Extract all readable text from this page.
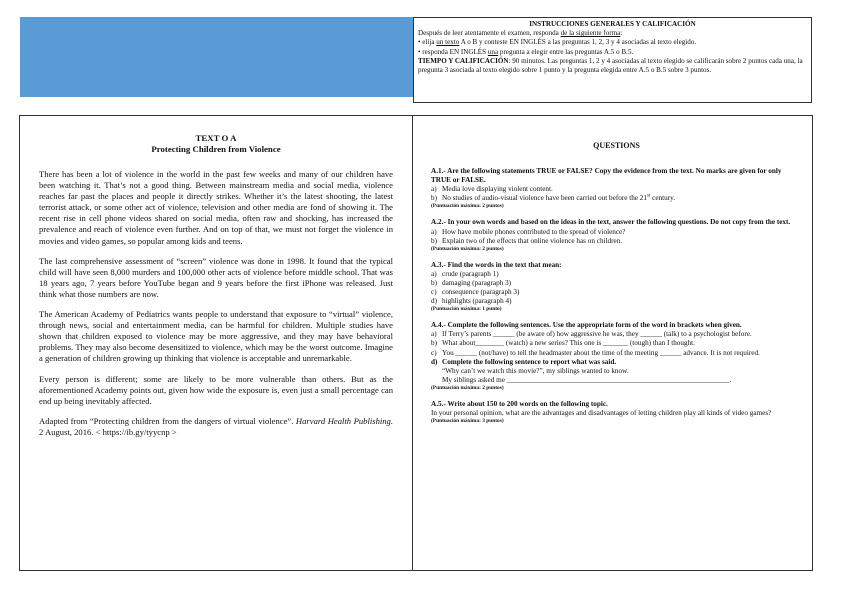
INSTRUCCIONES GENERALES Y CALIFICACIÓN
Después de leer atentamente el examen, responda de la siguiente forma:
• elija un texto A o B y conteste EN INGLÉS a las preguntas 1, 2, 3 y 4 asociadas al texto elegido.
• responda EN INGLÉS una pregunta a elegir entre las preguntas A.5 o B.5.
TIEMPO Y CALIFICACIÓN: 90 minutos. Las preguntas 1, 2 y 4 asociadas al texto elegido se calificarán sobre 2 puntos cada una, la pregunta 3 asociada al texto elegido sobre 1 punto y la pregunta elegida entre A.5 o B.5 sobre 3 puntos.
TEXT O A
Protecting Children from Violence

There has been a lot of violence in the world in the past few weeks and many of our children have been watching it. That’s not a good thing. Between mainstream media and social media, violence reaches far past the places and people it directly strikes. Whether it’s the latest shooting, the latest terrorist attack, or some other act of violence, television and other media are fond of showing it. The recent rise in cell phone videos shared on social media, often raw and shocking, has increased the prevalence and reach of violence even further. And on top of that, we must not forget the violence in movies and video games, so popular among kids and teens.

The last comprehensive assessment of “screen” violence was done in 1998. It found that the typical child will have seen 8,000 murders and 100,000 other acts of violence before middle school. That was 18 years ago, 7 years before YouTube began and 9 years before the first iPhone was released. Just think what those numbers are now.

The American Academy of Pediatrics wants people to understand that exposure to “virtual” violence, through news, social and entertainment media, can be harmful for children. Multiple studies have shown that children exposed to violence may be more aggressive, and they may have behavioral problems. They may also become desensitized to violence, which may be the worst outcome. Imagine a generation of children growing up thinking that violence is acceptable and unremarkable.

Every person is different; some are likely to be more vulnerable than others. But as the aforementioned Academy points out, given how wide the exposure is, even just a small percentage can end up being inevitably affected.

Adapted from “Protecting children from the dangers of virtual violence”. Harvard Health Publishing. 2 August, 2016. < https://ib.gy/tyycnp >

QUESTIONS
A.1.- Are the following statements TRUE or FALSE? Copy the evidence from the text. No marks are given for only TRUE or FALSE.
a) Media love displaying violent content.
b) No studies of audio-visual violence have been carried out before the 21st century.
(Puntuación máxima: 2 puntos)
A.2.- In your own words and based on the ideas in the text, answer the following questions. Do not copy from the text.
a) How have mobile phones contributed to the spread of violence?
b) Explain two of the effects that online violence has on children.
(Puntuación máxima: 2 puntos)
A.3.- Find the words in the text that mean:
a) crude (paragraph 1)
b) damaging (paragraph 3)
c) consequence (paragraph 3)
d) highlights (paragraph 4)
(Puntuación máxima: 1 punto)
A.4.- Complete the following sentences. Use the appropriate form of the word in brackets when given.
a) If Terry’s parents ______ (be aware of) how aggressive he was, they ______ (talk) to a psychologist before.
b) What about________ (watch) a new series? This one is _______ (tough) than I thought.
c) You ______ (not/have) to tell the headmaster about the time of the meeting ______ advance. It is not required.
d) Complete the following sentence to report what was said.
“Why can’t we watch this movie?”, my siblings wanted to know.
My siblings asked me ______________________________________________________________.
(Puntuación máxima: 2 puntos)
A.5.- Write about 150 to 200 words on the following topic.
In your personal opinion, what are the advantages and disadvantages of letting children play all kinds of video games?
(Puntuación máxima: 3 puntos)
